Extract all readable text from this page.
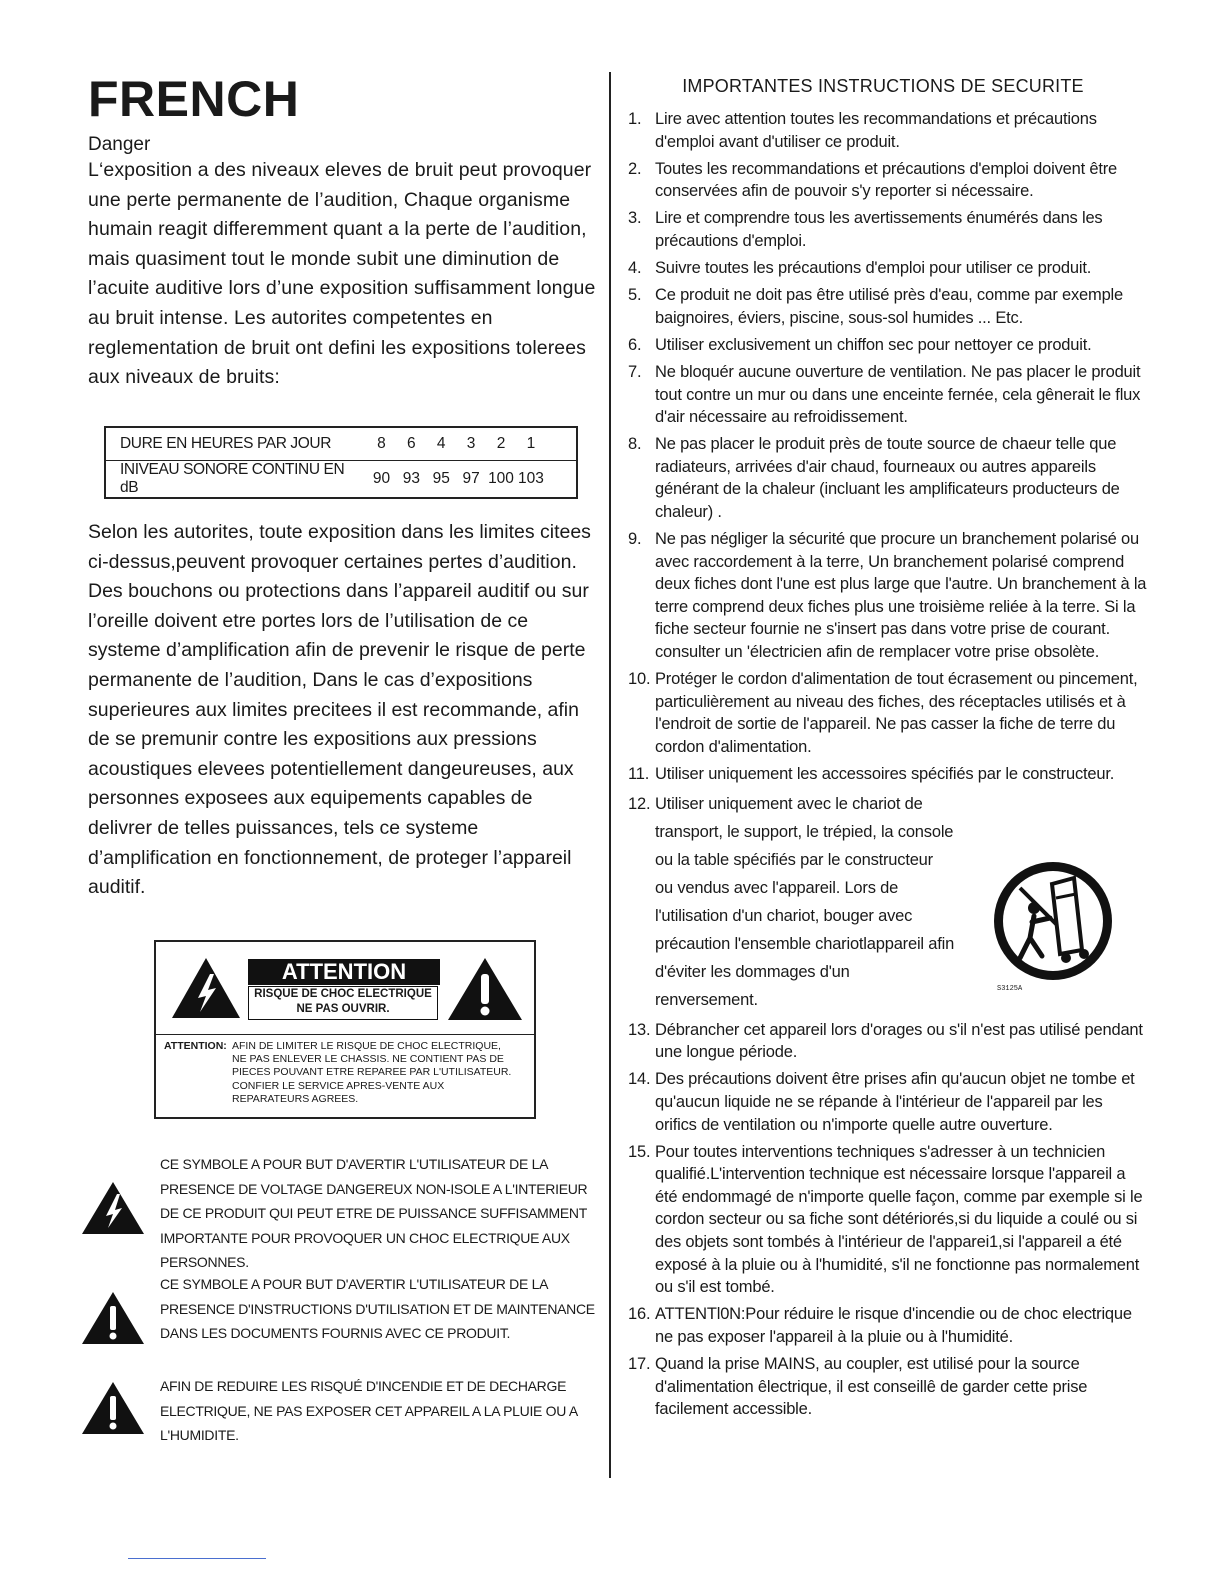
FRENCH
Danger
L‘exposition a des niveaux eleves de bruit peut provoquer une perte permanente de l’audition, Chaque organisme humain reagit differemment quant a la perte de l’audition, mais quasiment tout le monde subit une diminution de l’acuite auditive lors d’une exposition suffisamment longue au bruit intense. Les autorites competentes en reglementation de bruit ont defini les expositions tolerees aux niveaux de bruits:
DURE EN HEURES PAR JOUR	8	6	4	3	2	1
INIVEAU SONORE CONTINU EN dB	90	93	95	97	100	103
Selon les autorites, toute exposition dans les limites citees ci-dessus,peuvent provoquer certaines pertes d’audition. Des bouchons ou protections dans l’appareil auditif ou sur l’oreille doivent etre portes lors de l’utilisation de ce systeme d’amplification afin de prevenir le risque de perte permanente de l’audition, Dans le cas d’expositions superieures aux limites precitees il est recommande, afin de se premunir contre les expositions aux pressions acoustiques elevees potentiellement dangeureuses, aux personnes exposees aux equipements capables de delivrer de telles puissances, tels ce systeme d’amplification en fonctionnement, de proteger l’appareil auditif.
ATTENTION
RISQUE DE CHOC ELECTRIQUE
NE PAS OUVRIR.
ATTENTION: AFIN DE LIMITER LE RISQUE DE CHOC ELECTRIQUE,
NE PAS ENLEVER LE CHASSIS. NE CONTIENT PAS DE
PIECES POUVANT ETRE REPAREE PAR L'UTILISATEUR.
CONFIER LE SERVICE APRES-VENTE AUX
REPARATEURS AGREES.
CE SYMBOLE A POUR BUT D'AVERTIR L'UTILISATEUR DE LA PRESENCE DE VOLTAGE DANGEREUX NON-ISOLE A L'INTERIEUR DE CE PRODUIT QUI PEUT ETRE DE PUISSANCE SUFFISAMMENT IMPORTANTE POUR PROVOQUER UN CHOC ELECTRIQUE AUX PERSONNES.
CE SYMBOLE A POUR BUT D'AVERTIR L'UTILISATEUR DE LA PRESENCE D'INSTRUCTIONS D'UTILISATION ET DE MAINTENANCE DANS LES DOCUMENTS FOURNIS AVEC CE PRODUIT.
AFIN DE REDUIRE LES RISQUÉ D'INCENDIE ET DE DECHARGE ELECTRIQUE, NE PAS EXPOSER CET APPAREIL A LA PLUIE OU A L'HUMIDITE.
IMPORTANTES INSTRUCTIONS DE SECURITE
1. Lire avec attention toutes les recommandations et précautions d'emploi avant d'utiliser ce produit.
2. Toutes les recommandations et précautions d'emploi doivent être conservées afin de pouvoir s'y reporter si nécessaire.
3. Lire et comprendre tous les avertissements énumérés dans les précautions d'emploi.
4. Suivre toutes les précautions d'emploi pour utiliser ce produit.
5. Ce produit ne doit pas être utilisé près d'eau, comme par exemple baignoires, éviers, piscine, sous-sol humides ... Etc.
6. Utiliser exclusivement un chiffon sec pour nettoyer ce produit.
7. Ne bloquér aucune ouverture de ventilation. Ne pas placer le produit tout contre un mur ou dans une enceinte fernée, cela gênerait le flux d'air nécessaire au refroidissement.
8. Ne pas placer le produit près de toute source de chaeur telle que radiateurs, arrivées d'air chaud, fourneaux ou autres appareils générant de la chaleur (incluant les amplificateurs producteurs de chaleur) .
9. Ne pas négliger la sécurité que procure un branchement polarisé ou avec raccordement à la terre, Un branchement polarisé comprend deux fiches dont l'une est plus large que l'autre. Un branchement à la terre comprend deux fiches plus une troisième reliée à la terre. Si la fiche secteur fournie ne s'insert pas dans votre prise de courant. consulter un 'électricien afin de remplacer votre prise obsolète.
10. Protéger le cordon d'alimentation de tout écrasement ou pincement, particulièrement au niveau des fiches, des réceptacles utilisés et à l'endroit de sortie de l'appareil. Ne pas casser la fiche de terre du cordon d'alimentation.
11. Utiliser uniquement les accessoires spécifiés par le constructeur.
12. Utiliser uniquement avec le chariot de transport, le support, le trépied, la console ou la table spécifiés par le constructeur ou vendus avec l'appareil. Lors de l'utilisation d'un chariot, bouger avec précaution l'ensemble chariotlappareil afin d'éviter les dommages d'un renversement.
13. Débrancher cet appareil lors d'orages ou s'il n'est pas utilisé pendant une longue période.
14. Des précautions doivent être prises afin qu'aucun objet ne tombe et qu'aucun liquide ne se répande à l'intérieur de l'appareil par les orifics de ventilation ou n'importe quelle autre ouverture.
15. Pour toutes interventions techniques s'adresser à un technicien qualifié.L'intervention technique est nécessaire lorsque l'appareil a été endommagé de n'importe quelle façon, comme par exemple si le cordon secteur ou sa fiche sont détériorés,si du liquide a coulé ou si des objets sont tombés à l'intérieur de l'apparei1,si l'appareil a été exposé à la pluie ou à l'humidité, s'il ne fonctionne pas normalement ou s'il est tombé.
16. ATTENTl0N:Pour réduire le risque d'incendie ou de choc electrique ne pas exposer l'appareil à la pluie ou à l'humidité.
17. Quand la prise MAINS, au coupler, est utilisé pour la source d'alimentation êlectrique, il est conseillê de garder cette prise facilement accessible.
S3125A
